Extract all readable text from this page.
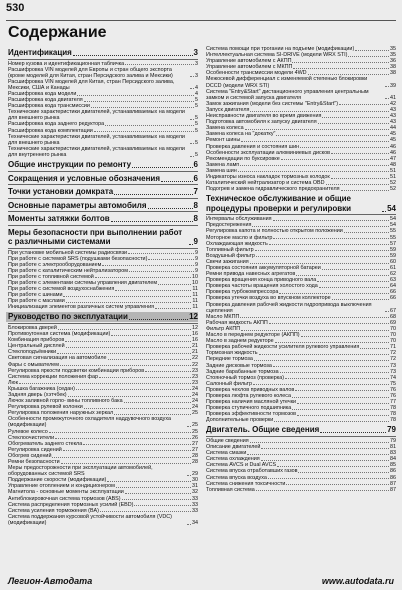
530
Содержание
Идентификация	3
Номер кузова и идентификационная табличка	3
Расшифровка VIN моделей для Европы и стран общего экспорта (кроме моделей для Китая, стран Персидского залива и Мексики)	3
Расшифровка VIN моделей для Китая, стран Персидского залива, Мексики, США и Канады	4
Расшифровка кода модели	4
Расшифровка кода двигателя	5
Расшифровка кода трансмиссии	5
Технические характеристики двигателей, устанавливаемых на модели для внешнего рынка	5
Расшифровка кода заднего редуктора	5
Расшифровка кода комплектации	5
Технические характеристики двигателей, устанавливаемых на модели для внешнего рынка	5
Технические характеристики двигателей, устанавливаемых на модели для внутреннего рынка	5
Общие инструкции по ремонту	6
Сокращения и условные обозначения	6
Точки установки домкрата	7
Основные параметры автомобиля	8
Моменты затяжки болтов	8
Меры безопасности при выполнении работ с различными системами	9
При установке мобильной системы радиосвязи	9
При работе с системой SRS (подушками безопасности)	9
При работе с электрооборудованием	9
При работе с каталитическим нейтрализатором	9
При работе с топливной системой	10
При работе с элементами системы управления двигателем	10
При работе с системой воздухоснабжения	11
При работе с шинами	11
При работе с маслами	11
Инициализация элементов различных систем управления	11
Руководство по эксплуатации	12
Блокировка дверей	12
Противоугонная система (модификации)	16
Комбинация приборов	16
Центральный дисплей	21
Стеклоподъёмники	21
Световая сигнализация на автомобиле	22
Фары с омывателем	22
Регулировка яркости подсветки комбинации приборов	23
Система коррекции положения фар	23
Люк	23
Крышка багажника (седан)	24
Задняя дверь (хэтчбек)	24
Лючок заливной горло- вины топливного бака	24
Регулировка рулевой колонки	24
Регулировка положения наружных зеркал	25
Особенности промежуточного охладителя наддувочного воздуха (модификации)	25
Рулевое колесо	25
Стеклоочистители	26
Обогреватель заднего стекла	27
Регулировка сидений	27
Обогрев сидений	28
Ремни безопасности	28
Меры предосторожности при эксплуатации автомобилей, оборудованных системой SRS	29
Поддержание скорости (модификации)	30
Управление отоплением и кондиционером	31
Магнитола - основные моменты эксплуатации	32
Антиблокировочная система тормозов (ABS)	33
Система распределения тормозных усилий (EBD)	33
Система усиления торможения (BA)	33
Система поддержания курсовой устойчивости автомобиля (VDC) (модификации)	34
Система помощи при трогании на подъеме (модификации)	35
Интеллектуальная система SI-DRIVE (модели WRX STI)	35
Управление автомобилем с АКПП	36
Управление автомобилем с МКПП	38
Особенности трансмиссии модели 4WD	38
Межосевой дифференциал с изменяемой степенью блокировки DCCD (модели WRX STI)	39
Система "Entry&Start" дистанционного управления центральным замком и системой запуска двигателя	41
Замок зажигания (модели без системы "Entry&Start")	42
Запуск двигателя	43
Неисправности двигателя во время движения	43
Подготовка автомобиля к запуску двигателя	43
Замена колеса	44
Замена колеса на "докатку"	45
Ремонт шины	45
Проверка давления и состояния шин	46
Особенности эксплуатации алюминиевых дисков	46
Рекомендации по буксировке	47
Замена ламп	48
Замена шин	51
Индикаторы износа накладок тормозных колодок	51
Каталитический нейтрализатор и система OBD	52
Подогрев и замена гидравлического предохранителя	52
Техническое обслуживание и общие процедуры проверки и регулировки	54
Интервалы обслуживания	54
Предостережения	54
Регулировка капота и полностью открытом положении	55
Моторное масло и фильтр	55
Охлаждающая жидкость	57
Топливный фильтр	59
Воздушный фильтр	59
Свечи зажигания	60
Проверка состояния аккумуляторной батареи	61
Ремни привода навесных агрегатов	62
Проверка вращения конца приводного вала	63
Проверка частоты вращения холостого хода	64
Проверка турбокомпрессора	66
Проверка утечки воздуха во впускном коллекторе	66
Проверка давления рабочей жидкости гидропривода выключения сцепления	67
Масло МКПП	68
Рабочая жидкость АКПП	69
Фильтр АКПП	70
Масло в переднем редукторе (АКПП)	70
Масло в заднем редукторе	70
Проверка рабочей жидкости усилителя рулевого управления	71
Тормозная жидкость	72
Передние тормоза	72
Задние дисковые тормоза	73
Задние барабанные тормоза	73
Стояночный тормоз (проверка)	74
Салонный фильтр	75
Проверка чехлов приводных валов	76
Проверка люфта рулевого колеса	76
Проверка наличия масляной утечки	77
Проверка ступичного подшипника	78
Проверка эффективности тормозов	78
Дополнительные проверки	78
Двигатель. Общие сведения	79
Общие сведения	79
Описание двигателей	81
Система смазки	83
Система охлаждения	84
Система AVCS и Dual AVCS	85
Система впуска отработавших газов	86
Система впуска воздуха	86
Система снижения токсичности	87
Топливная система	87
Легион-Автодата	www.autodata.ru
